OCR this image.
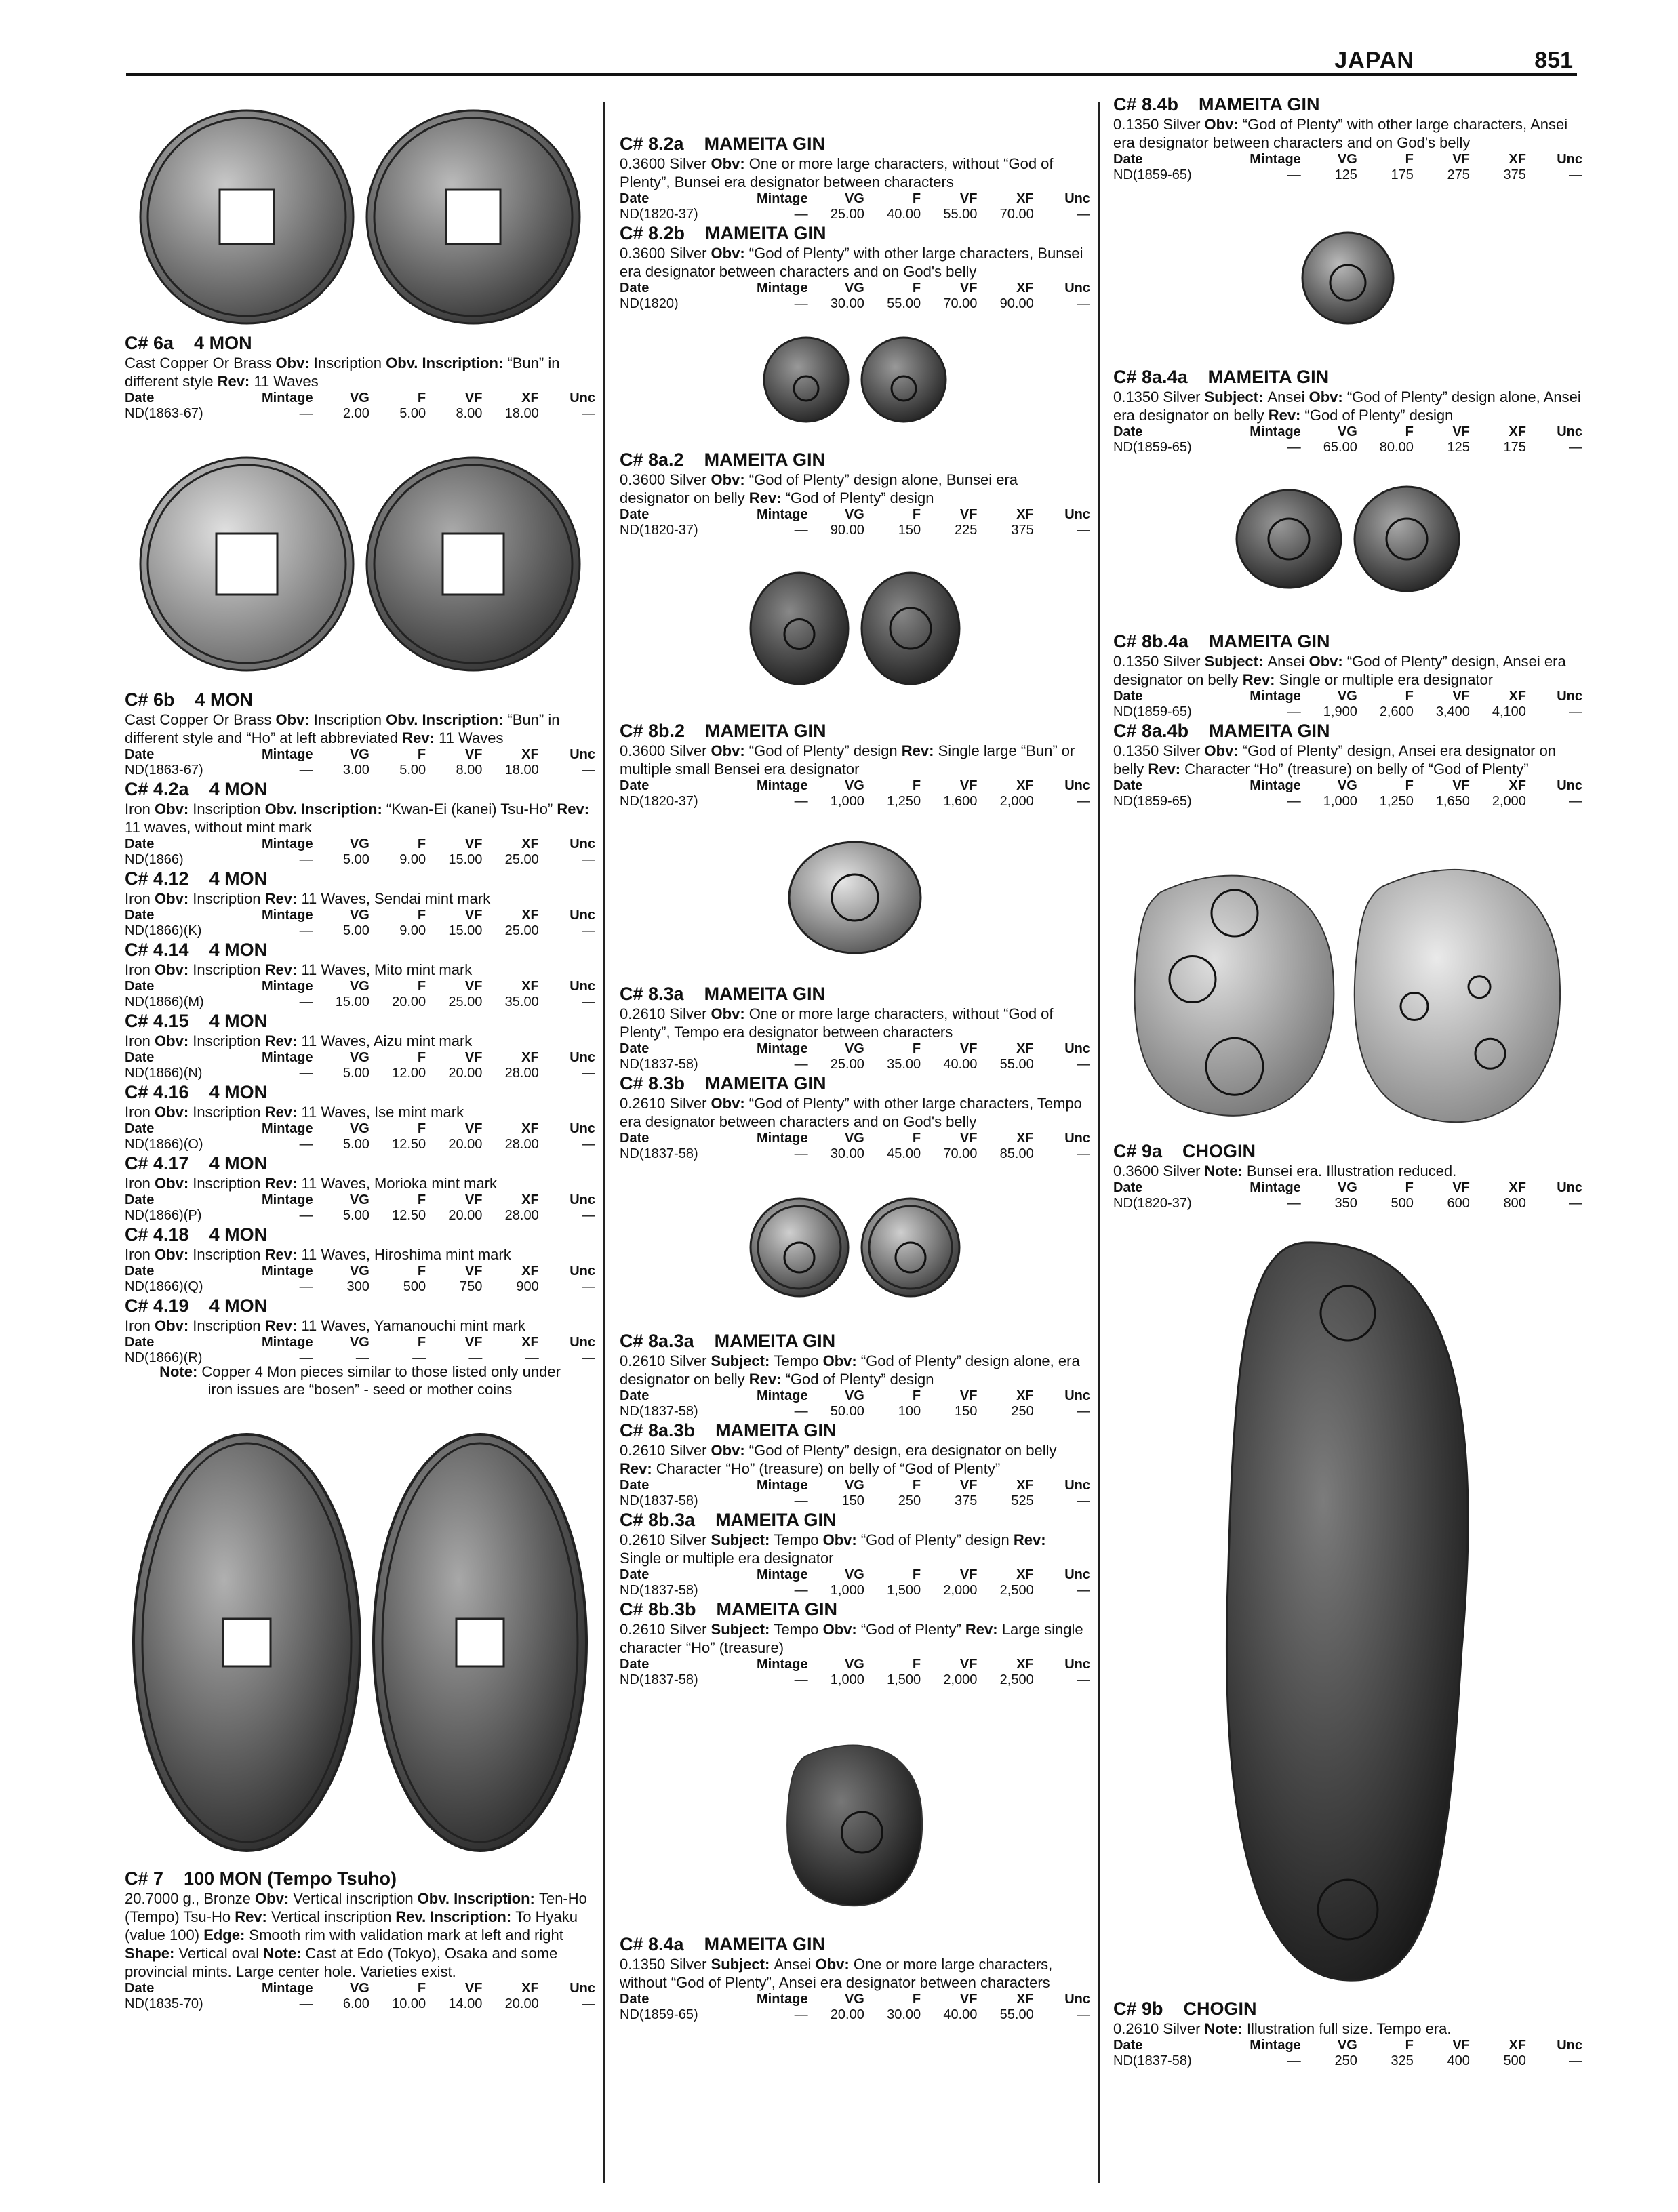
JAPAN	851
C# 6a    4 MON
Cast Copper Or Brass Obv: Inscription Obv. Inscription: “Bun” in different style Rev: 11 Waves
Date	Mintage	VG	F	VF	XF	Unc
ND(1863-67)	—	2.00	5.00	8.00	18.00	—
C# 6b    4 MON
Cast Copper Or Brass Obv: Inscription Obv. Inscription: “Bun” in different style and “Ho” at left abbreviated Rev: 11 Waves
Date	Mintage	VG	F	VF	XF	Unc
ND(1863-67)	—	3.00	5.00	8.00	18.00	—
C# 4.2a    4 MON
Iron Obv: Inscription Obv. Inscription: “Kwan-Ei (kanei) Tsu-Ho” Rev: 11 waves, without mint mark
Date	Mintage	VG	F	VF	XF	Unc
ND(1866)	—	5.00	9.00	15.00	25.00	—
C# 4.12    4 MON
Iron Obv: Inscription Rev: 11 Waves, Sendai mint mark
Date	Mintage	VG	F	VF	XF	Unc
ND(1866)(K)	—	5.00	9.00	15.00	25.00	—
C# 4.14    4 MON
Iron Obv: Inscription Rev: 11 Waves, Mito mint mark
Date	Mintage	VG	F	VF	XF	Unc
ND(1866)(M)	—	15.00	20.00	25.00	35.00	—
C# 4.15    4 MON
Iron Obv: Inscription Rev: 11 Waves, Aizu mint mark
Date	Mintage	VG	F	VF	XF	Unc
ND(1866)(N)	—	5.00	12.00	20.00	28.00	—
C# 4.16    4 MON
Iron Obv: Inscription Rev: 11 Waves, Ise mint mark
Date	Mintage	VG	F	VF	XF	Unc
ND(1866)(O)	—	5.00	12.50	20.00	28.00	—
C# 4.17    4 MON
Iron Obv: Inscription Rev: 11 Waves, Morioka mint mark
Date	Mintage	VG	F	VF	XF	Unc
ND(1866)(P)	—	5.00	12.50	20.00	28.00	—
C# 4.18    4 MON
Iron Obv: Inscription Rev: 11 Waves, Hiroshima mint mark
Date	Mintage	VG	F	VF	XF	Unc
ND(1866)(Q)	—	300	500	750	900	—
C# 4.19    4 MON
Iron Obv: Inscription Rev: 11 Waves, Yamanouchi mint mark
Date	Mintage	VG	F	VF	XF	Unc
ND(1866)(R)	—	—	—	—	—	—
Note: Copper 4 Mon pieces similar to those listed only under iron issues are “bosen” - seed or mother coins
C# 7    100 MON (Tempo Tsuho)
20.7000 g., Bronze Obv: Vertical inscription Obv. Inscription: Ten-Ho (Tempo) Tsu-Ho Rev: Vertical inscription Rev. Inscription: To Hyaku (value 100) Edge: Smooth rim with validation mark at left and right Shape: Vertical oval Note: Cast at Edo (Tokyo), Osaka and some provincial mints. Large center hole. Varieties exist.
Date	Mintage	VG	F	VF	XF	Unc
ND(1835-70)	—	6.00	10.00	14.00	20.00	—
C# 8.2a    MAMEITA GIN
0.3600 Silver Obv: One or more large characters, without “God of Plenty”, Bunsei era designator between characters
Date	Mintage	VG	F	VF	XF	Unc
ND(1820-37)	—	25.00	40.00	55.00	70.00	—
C# 8.2b    MAMEITA GIN
0.3600 Silver Obv: “God of Plenty” with other large characters, Bunsei era designator between characters and on God's belly
Date	Mintage	VG	F	VF	XF	Unc
ND(1820)	—	30.00	55.00	70.00	90.00	—
C# 8a.2    MAMEITA GIN
0.3600 Silver Obv: “God of Plenty” design alone, Bunsei era designator on belly Rev: “God of Plenty” design
Date	Mintage	VG	F	VF	XF	Unc
ND(1820-37)	—	90.00	150	225	375	—
C# 8b.2    MAMEITA GIN
0.3600 Silver Obv: “God of Plenty” design Rev: Single large “Bun” or multiple small Bensei era designator
Date	Mintage	VG	F	VF	XF	Unc
ND(1820-37)	—	1,000	1,250	1,600	2,000	—
C# 8.3a    MAMEITA GIN
0.2610 Silver Obv: One or more large characters, without “God of Plenty”, Tempo era designator between characters
Date	Mintage	VG	F	VF	XF	Unc
ND(1837-58)	—	25.00	35.00	40.00	55.00	—
C# 8.3b    MAMEITA GIN
0.2610 Silver Obv: “God of Plenty” with other large characters, Tempo era designator between characters and on God's belly
Date	Mintage	VG	F	VF	XF	Unc
ND(1837-58)	—	30.00	45.00	70.00	85.00	—
C# 8a.3a    MAMEITA GIN
0.2610 Silver Subject: Tempo Obv: “God of Plenty” design alone, era designator on belly Rev: “God of Plenty” design
Date	Mintage	VG	F	VF	XF	Unc
ND(1837-58)	—	50.00	100	150	250	—
C# 8a.3b    MAMEITA GIN
0.2610 Silver Obv: “God of Plenty” design, era designator on belly Rev: Character “Ho” (treasure) on belly of “God of Plenty”
Date	Mintage	VG	F	VF	XF	Unc
ND(1837-58)	—	150	250	375	525	—
C# 8b.3a    MAMEITA GIN
0.2610 Silver Subject: Tempo Obv: “God of Plenty” design Rev: Single or multiple era designator
Date	Mintage	VG	F	VF	XF	Unc
ND(1837-58)	—	1,000	1,500	2,000	2,500	—
C# 8b.3b    MAMEITA GIN
0.2610 Silver Subject: Tempo Obv: “God of Plenty” Rev: Large single character “Ho” (treasure)
Date	Mintage	VG	F	VF	XF	Unc
ND(1837-58)	—	1,000	1,500	2,000	2,500	—
C# 8.4a    MAMEITA GIN
0.1350 Silver Subject: Ansei Obv: One or more large characters, without “God of Plenty”, Ansei era designator between characters
Date	Mintage	VG	F	VF	XF	Unc
ND(1859-65)	—	20.00	30.00	40.00	55.00	—
C# 8.4b    MAMEITA GIN
0.1350 Silver Obv: “God of Plenty” with other large characters, Ansei era designator between characters and on God's belly
Date	Mintage	VG	F	VF	XF	Unc
ND(1859-65)	—	125	175	275	375	—
C# 8a.4a    MAMEITA GIN
0.1350 Silver Subject: Ansei Obv: “God of Plenty” design alone, Ansei era designator on belly Rev: “God of Plenty” design
Date	Mintage	VG	F	VF	XF	Unc
ND(1859-65)	—	65.00	80.00	125	175	—
C# 8b.4a    MAMEITA GIN
0.1350 Silver Subject: Ansei Obv: “God of Plenty” design, Ansei era designator on belly Rev: Single or multiple era designator
Date	Mintage	VG	F	VF	XF	Unc
ND(1859-65)	—	1,900	2,600	3,400	4,100	—
C# 8a.4b    MAMEITA GIN
0.1350 Silver Obv: “God of Plenty” design, Ansei era designator on belly Rev: Character “Ho” (treasure) on belly of “God of Plenty”
Date	Mintage	VG	F	VF	XF	Unc
ND(1859-65)	—	1,000	1,250	1,650	2,000	—
C# 9a    CHOGIN
0.3600 Silver Note: Bunsei era. Illustration reduced.
Date	Mintage	VG	F	VF	XF	Unc
ND(1820-37)	—	350	500	600	800	—
C# 9b    CHOGIN
0.2610 Silver Note: Illustration full size. Tempo era.
Date	Mintage	VG	F	VF	XF	Unc
ND(1837-58)	—	250	325	400	500	—
